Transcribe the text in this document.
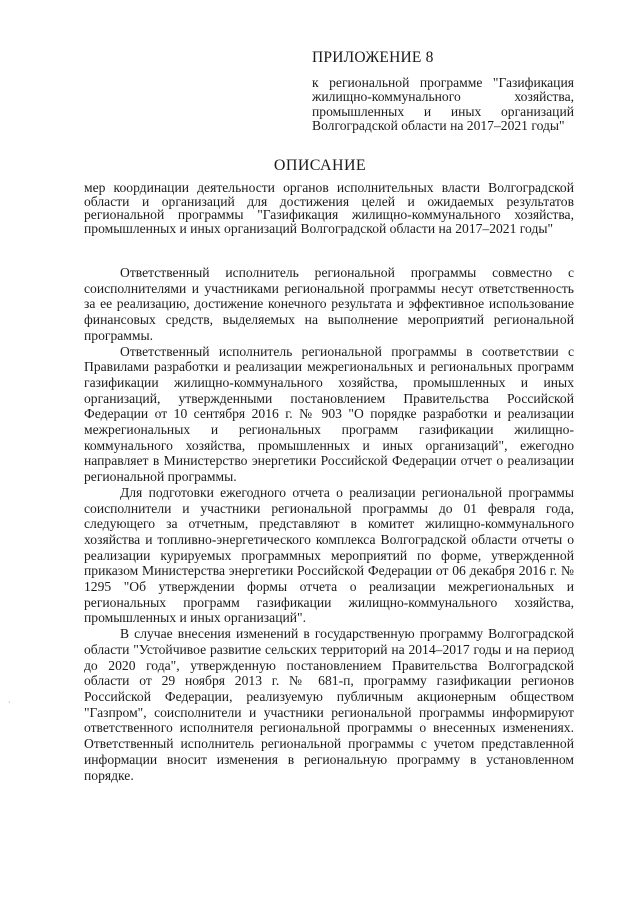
ПРИЛОЖЕНИЕ 8

к региональной программе "Газификация жилищно-коммунального хозяйства, промышленных и иных организаций Волгоградской области на 2017–2021 годы"

ОПИСАНИЕ

мер координации деятельности органов исполнительных власти Волгоградской области и организаций для достижения целей и ожидаемых результатов региональной программы "Газификация жилищно-коммунального хозяйства, промышленных и иных организаций Волгоградской области на 2017–2021 годы"

Ответственный исполнитель региональной программы совместно с соисполнителями и участниками региональной программы несут ответственность за ее реализацию, достижение конечного результата и эффективное использование финансовых средств, выделяемых на выполнение мероприятий региональной программы.

Ответственный исполнитель региональной программы в соответствии с Правилами разработки и реализации межрегиональных и региональных программ газификации жилищно-коммунального хозяйства, промышленных и иных организаций, утвержденными постановлением Правительства Российской Федерации от 10 сентября 2016 г. № 903 "О порядке разработки и реализации межрегиональных и региональных программ газификации жилищно-коммунального хозяйства, промышленных и иных организаций", ежегодно направляет в Министерство энергетики Российской Федерации отчет о реализации региональной программы.

Для подготовки ежегодного отчета о реализации региональной программы соисполнители и участники региональной программы до 01 февраля года, следующего за отчетным, представляют в комитет жилищно-коммунального хозяйства и топливно-энергетического комплекса Волгоградской области отчеты о реализации курируемых программных мероприятий по форме, утвержденной приказом Министерства энергетики Российской Федерации от 06 декабря 2016 г. № 1295 "Об утверждении формы отчета о реализации межрегиональных и региональных программ газификации жилищно-коммунального хозяйства, промышленных и иных организаций".

В случае внесения изменений в государственную программу Волгоградской области "Устойчивое развитие сельских территорий на 2014–2017 годы и на период до 2020 года", утвержденную постановлением Правительства Волгоградской области от 29 ноября 2013 г. № 681-п, программу газификации регионов Российской Федерации, реализуемую публичным акционерным обществом "Газпром", соисполнители и участники региональной программы информируют ответственного исполнителя региональной программы о внесенных изменениях. Ответственный исполнитель региональной программы с учетом представленной информации вносит изменения в региональную программу в установленном порядке.

·
